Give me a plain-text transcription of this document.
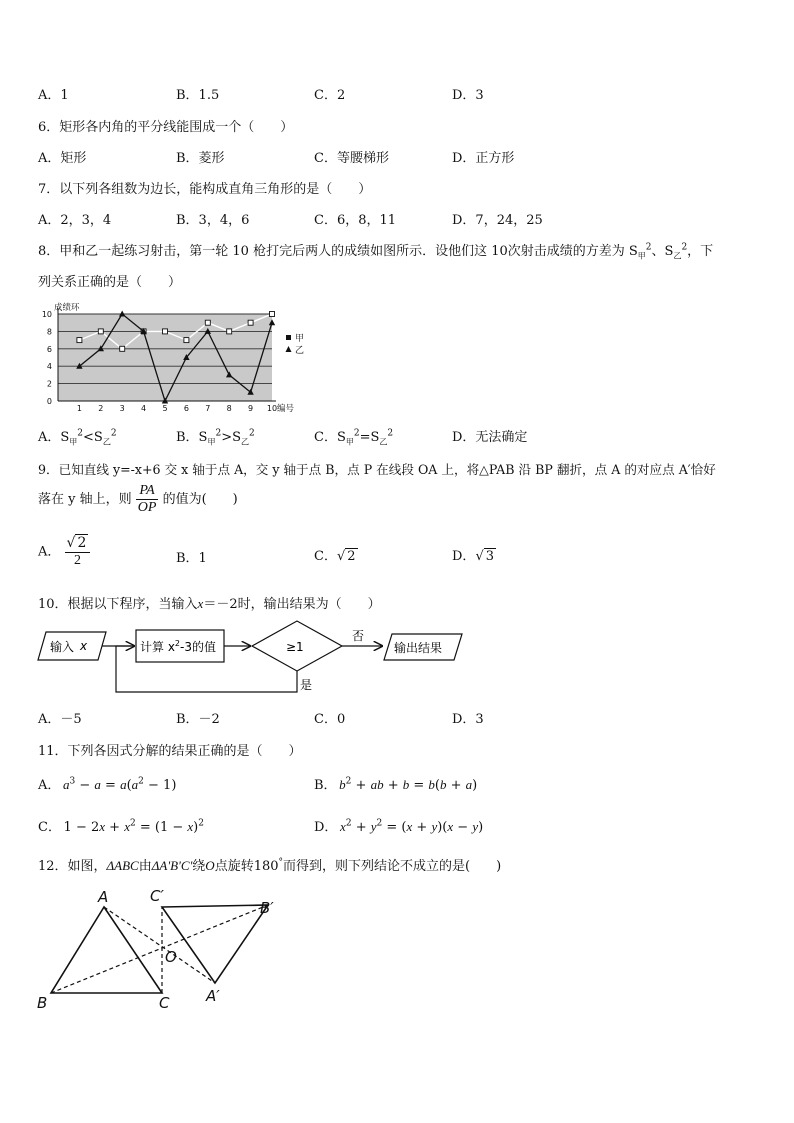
A．1	B．1.5	C．2	D．3
6．矩形各内角的平分线能围成一个（　　）
A．矩形	B．菱形	C．等腰梯形	D．正方形
7．以下列各组数为边长，能构成直角三角形的是（　　）
A．2，3，4	B．3，4，6	C．6，8，11	D．7，24，25
8．甲和乙一起练习射击，第一轮 10 枪打完后两人的成绩如图所示．设他们这 10次射击成绩的方差为 $S_甲^2$、$S_乙^2$，下
列关系正确的是（　　）
0
2
4
6
8
10
成绩环
1 2 3 4 5 6 7 8 9 10 编号
甲
乙
A．$S_甲^2<S_乙^2$	B．$S_甲^2>S_乙^2$	C．$S_甲^2=S_乙^2$	D．无法确定
9．已知直线 y=-x+6 交 x 轴于点 A，交 y 轴于点 B，点 P 在线段 OA 上，将△PAB 沿 BP 翻折，点 A 的对应点 A′恰好
落在 y 轴上，则 $\frac{PA}{OP}$ 的值为(　　)
A． $\frac{√ 2}{2}$	B．1	C．√ 2	D．√ 3
10．根据以下程序，当输入x＝－2时，输出结果为（　　）
输入 x	计算 $x^2-3$的值	≥1
否
输出结果
是
A．－5	B．－2	C．0	D．3
11．下列各因式分解的结果正确的是（　　）
A． $a^3 - a = a(a^2 - 1)$	B． $b^2$ + ab + b = b(b + a)
C． $1 - 2x + x^2 = (1 - x)^2$	D．  $x^2 + y^2 = (x + y)(x - y)$
12．如图，ΔABC由ΔA'B'C'绕O点旋转180°而得到，则下列结论不成立的是(　　)
A
B	C
O
A′
B′
C′
